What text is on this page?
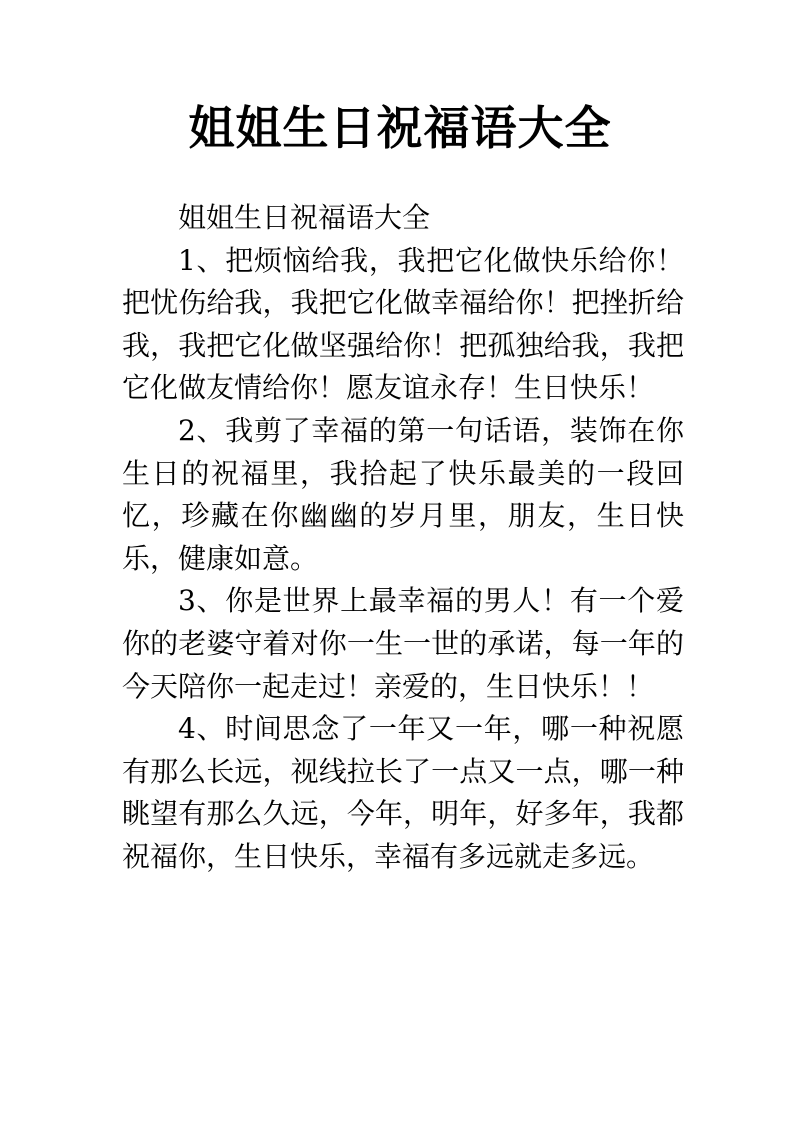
姐姐生日祝福语大全

姐姐生日祝福语大全

1、把烦恼给我，我把它化做快乐给你！把忧伤给我，我把它化做幸福给你！把挫折给我，我把它化做坚强给你！把孤独给我，我把它化做友情给你！愿友谊永存！生日快乐！

2、我剪了幸福的第一句话语，装饰在你生日的祝福里，我拾起了快乐最美的一段回忆，珍藏在你幽幽的岁月里，朋友，生日快乐，健康如意。

3、你是世界上最幸福的男人！有一个爱你的老婆守着对你一生一世的承诺，每一年的今天陪你一起走过！亲爱的，生日快乐！！

4、时间思念了一年又一年，哪一种祝愿有那么长远，视线拉长了一点又一点，哪一种眺望有那么久远，今年，明年，好多年，我都祝福你，生日快乐，幸福有多远就走多远。
